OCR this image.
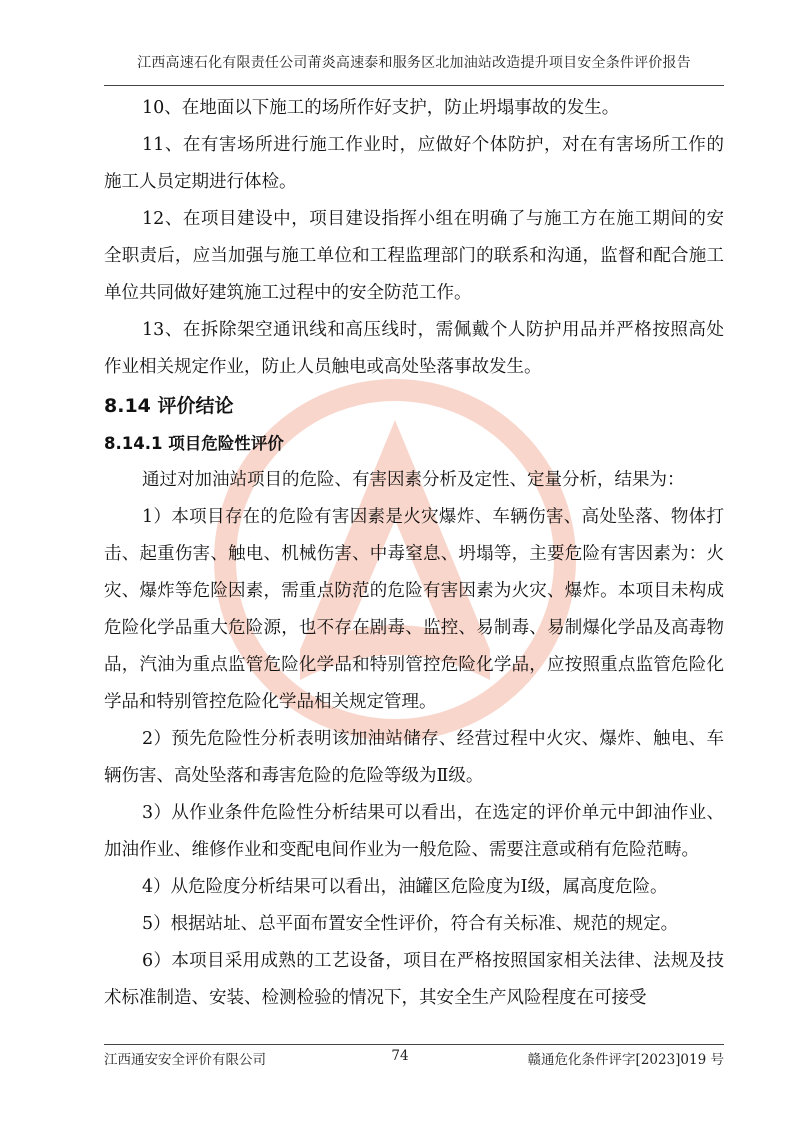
江西高速石化有限责任公司莆炎高速泰和服务区北加油站改造提升项目安全条件评价报告

10、在地面以下施工的场所作好支护，防止坍塌事故的发生。

11、在有害场所进行施工作业时，应做好个体防护，对在有害场所工作的施工人员定期进行体检。

12、在项目建设中，项目建设指挥小组在明确了与施工方在施工期间的安全职责后，应当加强与施工单位和工程监理部门的联系和沟通，监督和配合施工单位共同做好建筑施工过程中的安全防范工作。

13、在拆除架空通讯线和高压线时，需佩戴个人防护用品并严格按照高处作业相关规定作业，防止人员触电或高处坠落事故发生。

8.14 评价结论
8.14.1 项目危险性评价

通过对加油站项目的危险、有害因素分析及定性、定量分析，结果为：

1）本项目存在的危险有害因素是火灾爆炸、车辆伤害、高处坠落、物体打击、起重伤害、触电、机械伤害、中毒窒息、坍塌等，主要危险有害因素为：火灾、爆炸等危险因素，需重点防范的危险有害因素为火灾、爆炸。本项目未构成危险化学品重大危险源，也不存在剧毒、监控、易制毒、易制爆化学品及高毒物品，汽油为重点监管危险化学品和特别管控危险化学品，应按照重点监管危险化学品和特别管控危险化学品相关规定管理。

2）预先危险性分析表明该加油站储存、经营过程中火灾、爆炸、触电、车辆伤害、高处坠落和毒害危险的危险等级为Ⅱ级。

3）从作业条件危险性分析结果可以看出，在选定的评价单元中卸油作业、加油作业、维修作业和变配电间作业为一般危险、需要注意或稍有危险范畴。

4）从危险度分析结果可以看出，油罐区危险度为Ⅰ级，属高度危险。

5）根据站址、总平面布置安全性评价，符合有关标准、规范的规定。

6）本项目采用成熟的工艺设备，项目在严格按照国家相关法律、法规及技术标准制造、安装、检测检验的情况下，其安全生产风险程度在可接受

江西通安安全评价有限公司	74	赣通危化条件评字[2023]019 号
